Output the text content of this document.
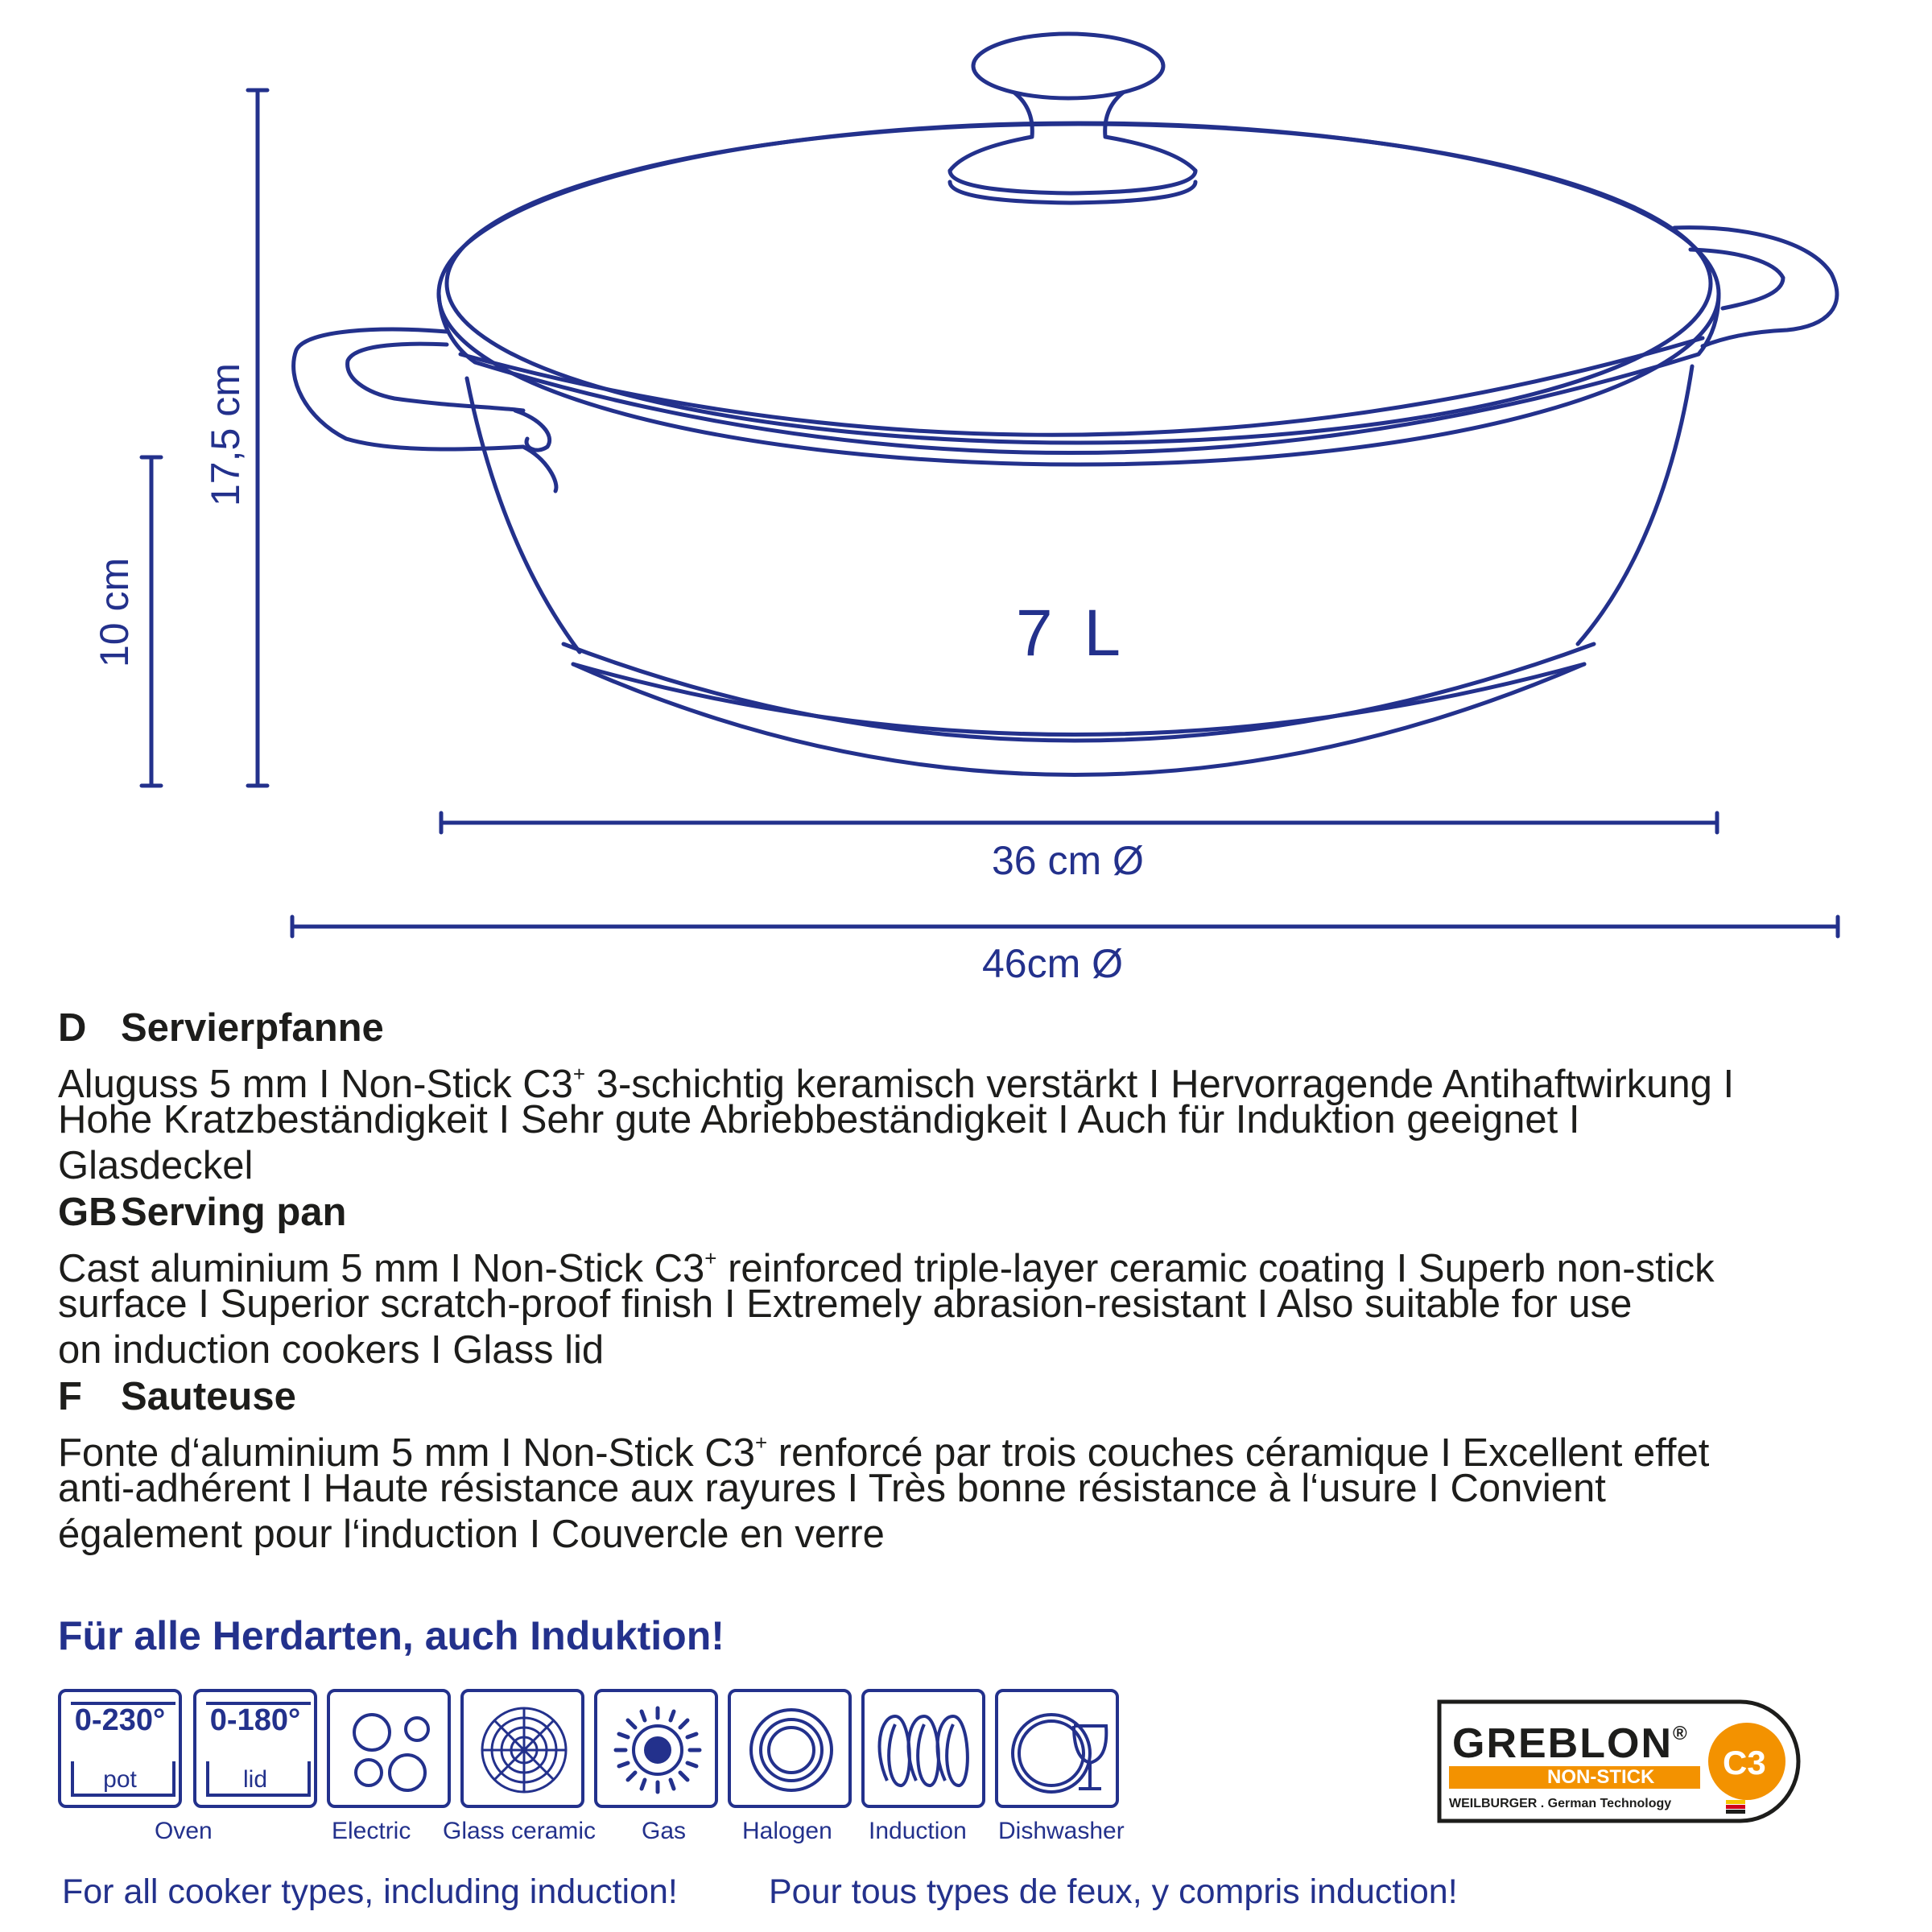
17,5 cm
10 cm
36 cm Ø
46cm Ø
7 L
D Servierpfanne
Aluguss 5 mm I Non-Stick C3+ 3-schichtig keramisch verstärkt I Hervorragende Antihaftwirkung I
Hohe Kratzbeständigkeit I Sehr gute Abriebbeständigkeit I Auch für Induktion geeignet I
Glasdeckel
GBServing pan
Cast aluminium 5 mm I Non-Stick C3+ reinforced triple-layer ceramic coating I Superb non-stick
surface I Superior scratch-proof finish I Extremely abrasion-resistant I Also suitable for use
on induction cookers I Glass lid
F Sauteuse
Fonte d‘aluminium 5 mm I Non-Stick C3+ renforcé par trois couches céramique I Excellent effet
anti-adhérent I Haute résistance aux rayures I Très bonne résistance à l‘usure I Convient
également pour l‘induction I Couvercle en verre
Für alle Herdarten, auch Induktion!
0-230°
pot
0-180°
lid
Oven	Electric Glass ceramic Gas Halogen Induction Dishwasher
For all cooker types, including induction!	Pour tous types de feux, y compris induction!
GREBLON®
NON-STICK C3
WEILBURGER . German Technology
